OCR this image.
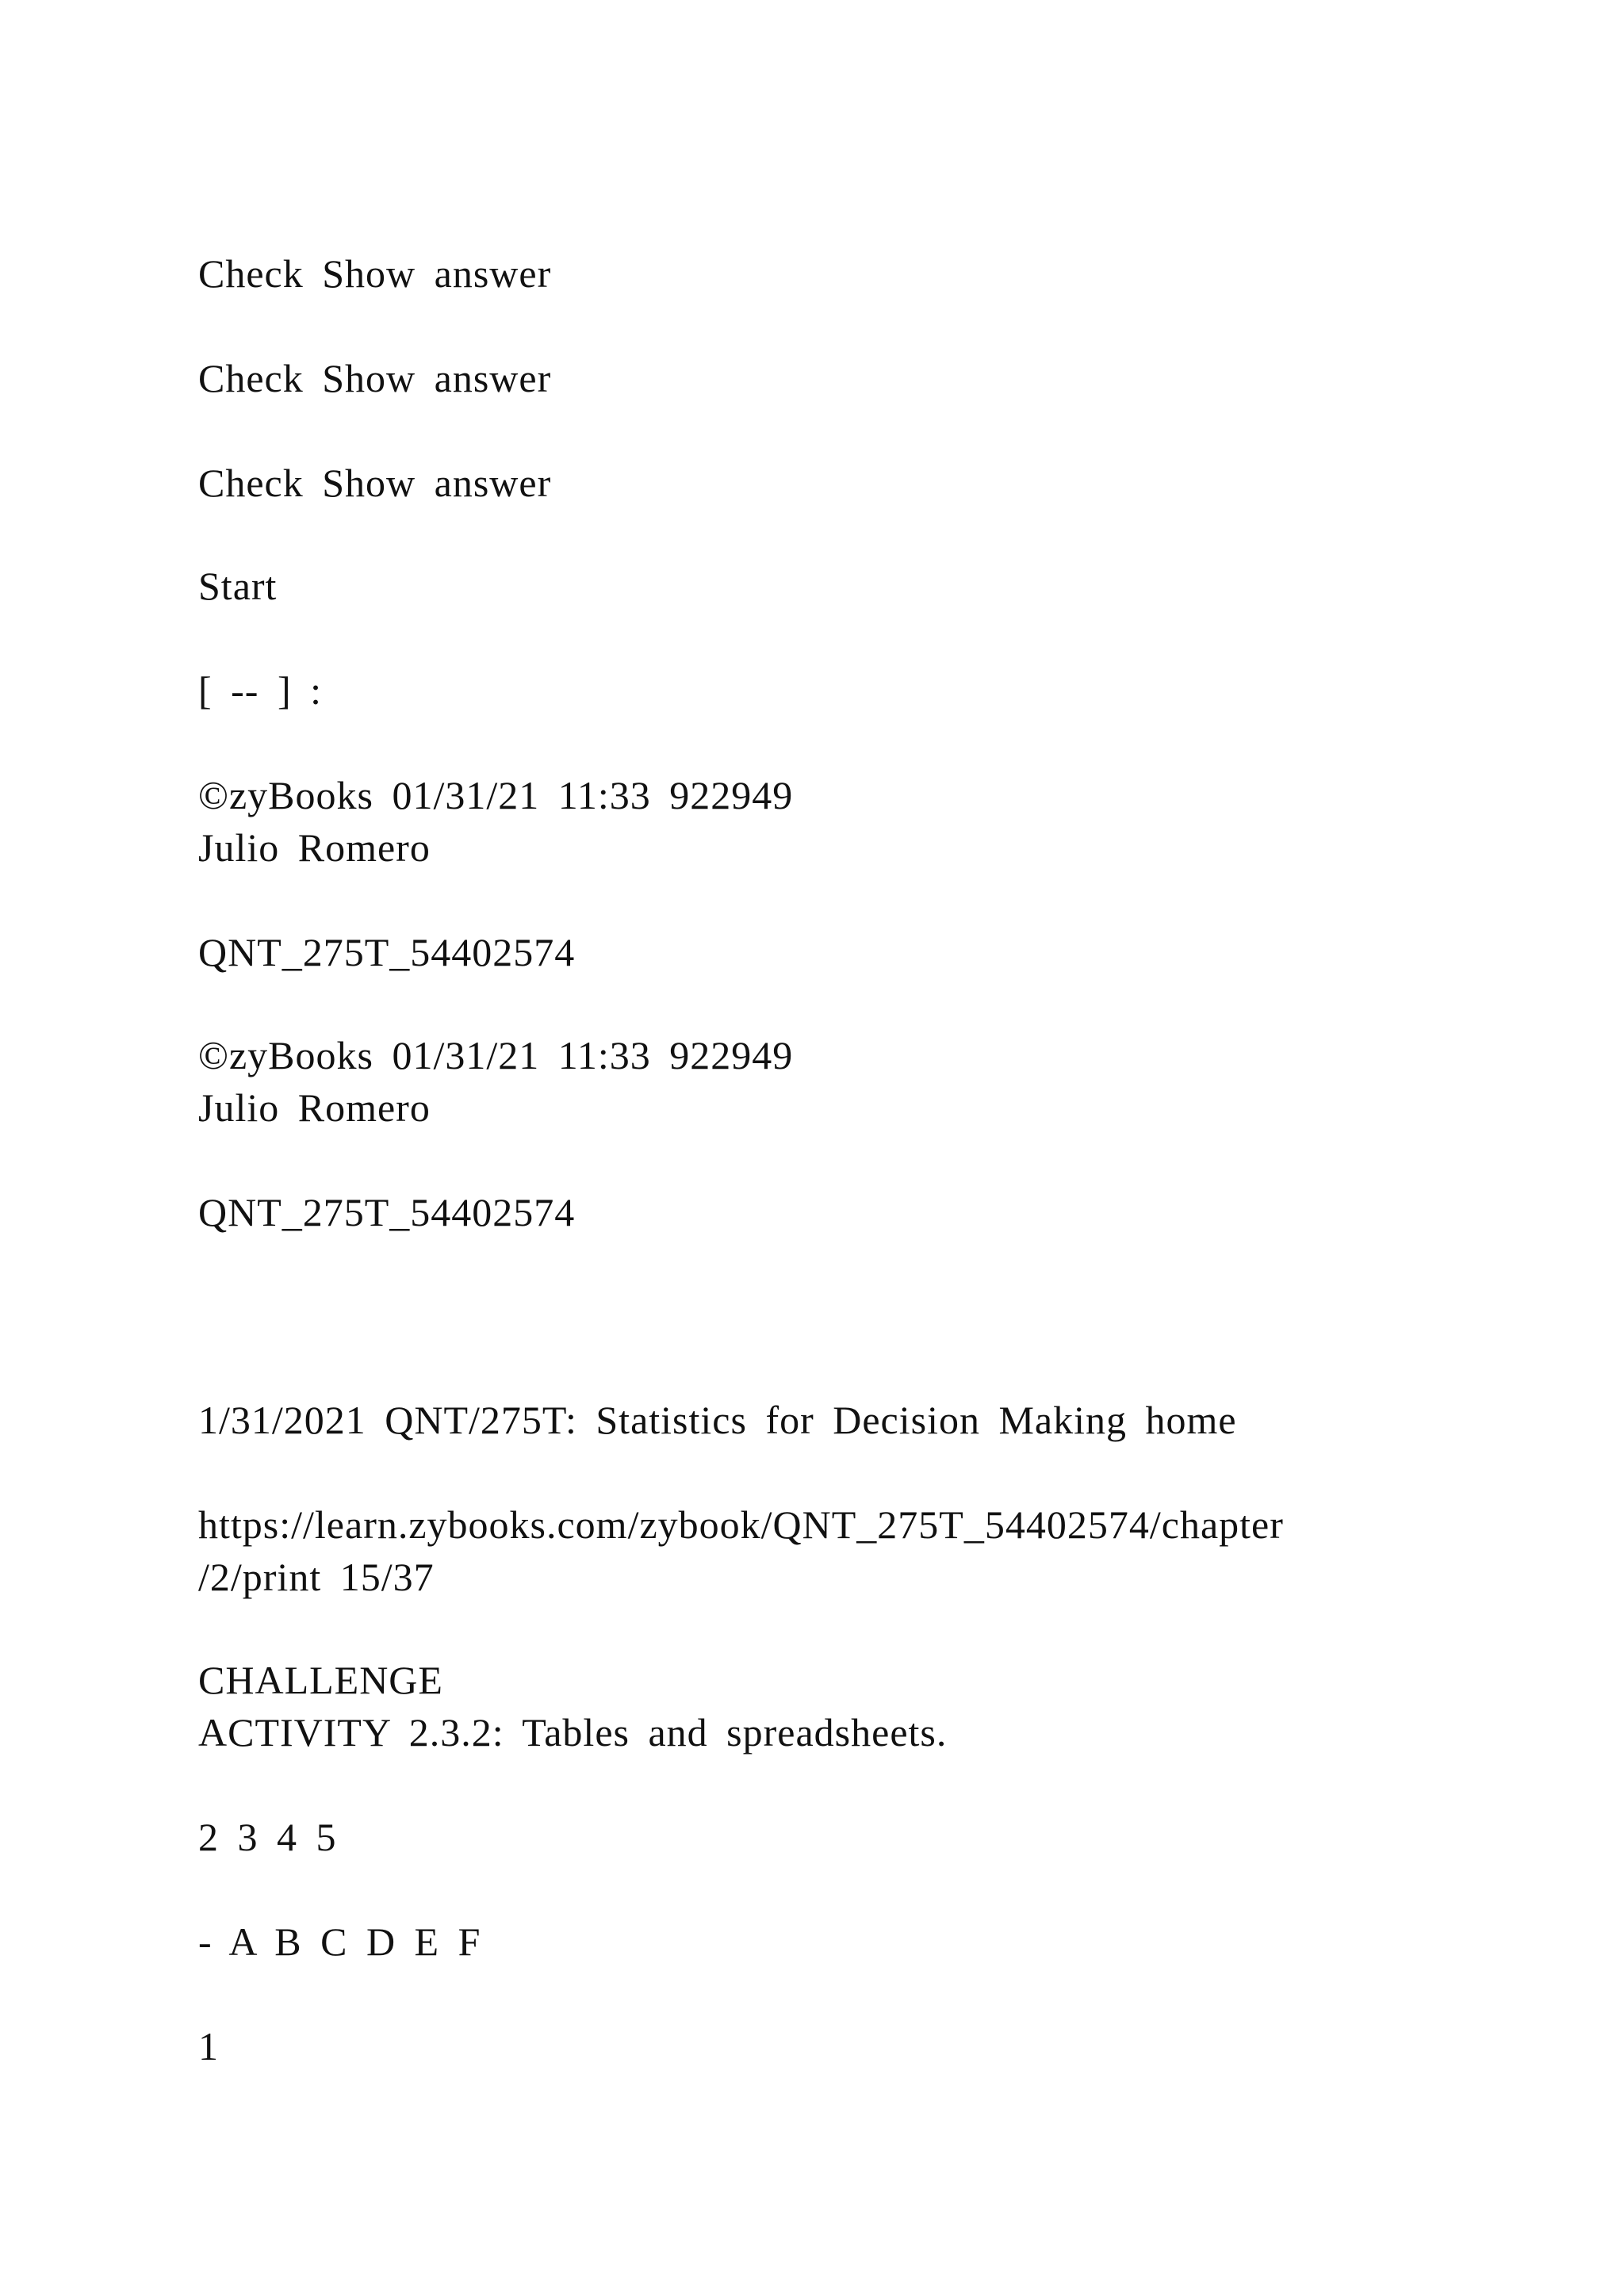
Check Show answer
Check Show answer
Check Show answer
Start
[ -- ] :
©zyBooks 01/31/21 11:33 922949
Julio Romero
QNT_275T_54402574
©zyBooks 01/31/21 11:33 922949
Julio Romero
QNT_275T_54402574
1/31/2021 QNT/275T: Statistics for Decision Making home
https://learn.zybooks.com/zybook/QNT_275T_54402574/chapter
/2/print 15/37
CHALLENGE
ACTIVITY 2.3.2: Tables and spreadsheets.
2 3 4 5
- A B C D E F
1
